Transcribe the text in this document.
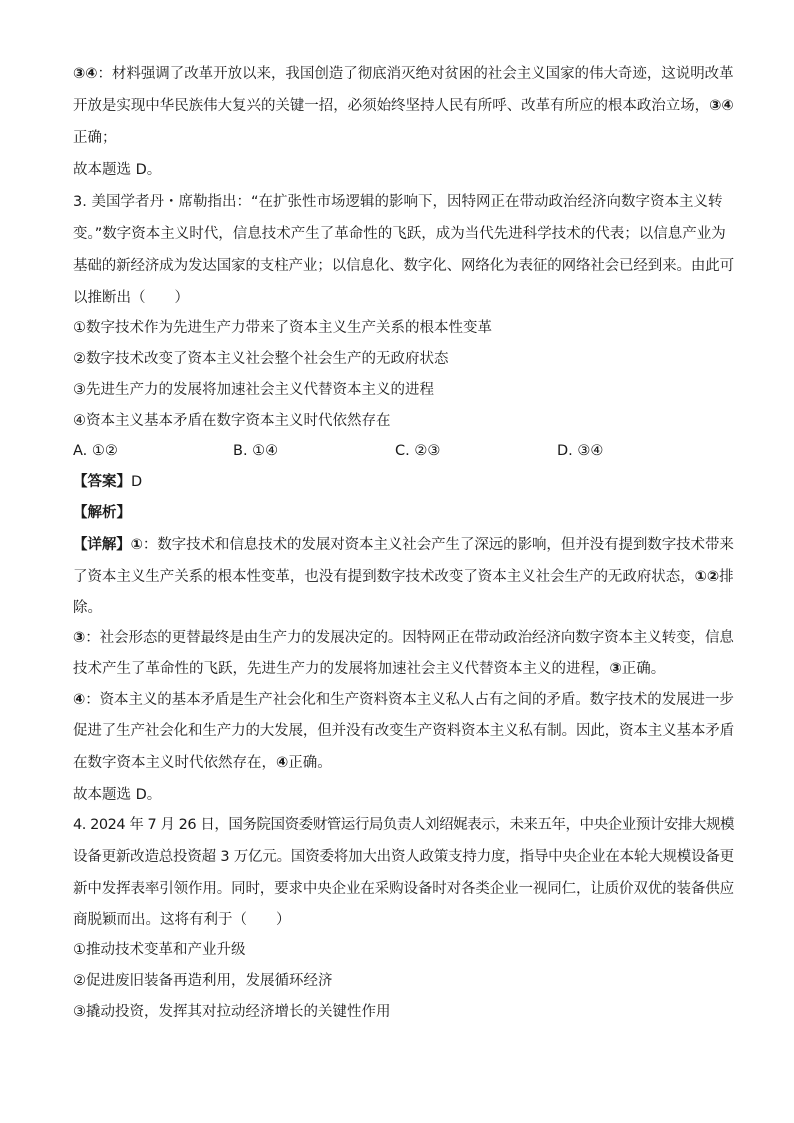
③④：材料强调了改革开放以来，我国创造了彻底消灭绝对贫困的社会主义国家的伟大奇迹，这说明改革
开放是实现中华民族伟大复兴的关键一招，必须始终坚持人民有所呼、改革有所应的根本政治立场，③④
正确；
故本题选 D。
3. 美国学者丹・席勒指出：“在扩张性市场逻辑的影响下，因特网正在带动政治经济向数字资本主义转
变。”数字资本主义时代，信息技术产生了革命性的飞跃，成为当代先进科学技术的代表；以信息产业为
基础的新经济成为发达国家的支柱产业；以信息化、数字化、网络化为表征的网络社会已经到来。由此可
以推断出（　　）
①数字技术作为先进生产力带来了资本主义生产关系的根本性变革
②数字技术改变了资本主义社会整个社会生产的无政府状态
③先进生产力的发展将加速社会主义代替资本主义的进程
④资本主义基本矛盾在数字资本主义时代依然存在
A. ①②	B. ①④	C. ②③	D. ③④
【答案】D
【解析】
【详解】①：数字技术和信息技术的发展对资本主义社会产生了深远的影响，但并没有提到数字技术带来
了资本主义生产关系的根本性变革，也没有提到数字技术改变了资本主义社会生产的无政府状态，①②排
除。
③：社会形态的更替最终是由生产力的发展决定的。因特网正在带动政治经济向数字资本主义转变，信息
技术产生了革命性的飞跃，先进生产力的发展将加速社会主义代替资本主义的进程，③正确。
④：资本主义的基本矛盾是生产社会化和生产资料资本主义私人占有之间的矛盾。数字技术的发展进一步
促进了生产社会化和生产力的大发展，但并没有改变生产资料资本主义私有制。因此，资本主义基本矛盾
在数字资本主义时代依然存在，④正确。
故本题选 D。
4. 2024 年 7 月 26 日，国务院国资委财管运行局负责人刘绍娓表示，未来五年，中央企业预计安排大规模
设备更新改造总投资超 3 万亿元。国资委将加大出资人政策支持力度，指导中央企业在本轮大规模设备更
新中发挥表率引领作用。同时，要求中央企业在采购设备时对各类企业一视同仁，让质价双优的装备供应
商脱颖而出。这将有利于（　　）
①推动技术变革和产业升级
②促进废旧装备再造利用，发展循环经济
③撬动投资，发挥其对拉动经济增长的关键性作用
